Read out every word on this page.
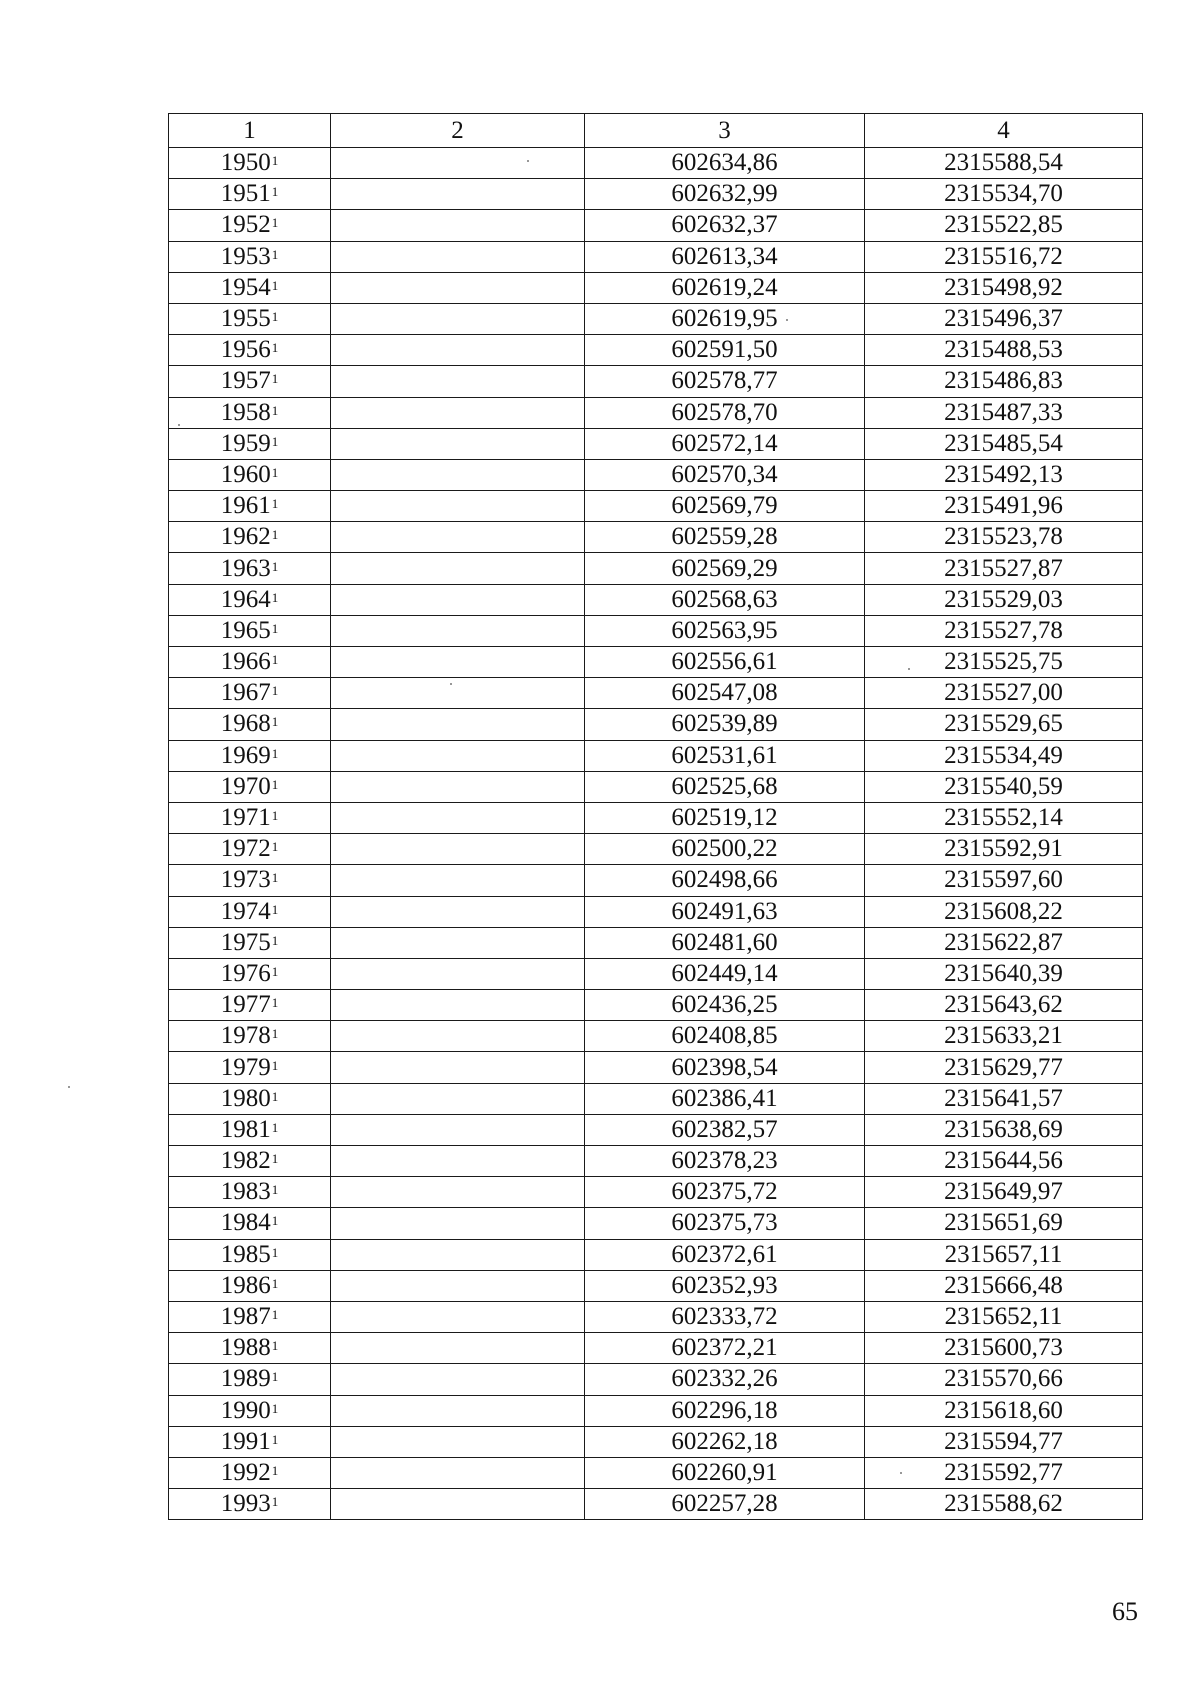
1	2	3	4
1950$^1$		602634,86	2315588,54
1951$^1$		602632,99	2315534,70
1952$^1$		602632,37	2315522,85
1953$^1$		602613,34	2315516,72
1954$^1$		602619,24	2315498,92
1955$^1$		602619,95	2315496,37
1956$^1$		602591,50	2315488,53
1957$^1$		602578,77	2315486,83
1958$^1$		602578,70	2315487,33
1959$^1$		602572,14	2315485,54
1960$^1$		602570,34	2315492,13
1961$^1$		602569,79	2315491,96
1962$^1$		602559,28	2315523,78
1963$^1$		602569,29	2315527,87
1964$^1$		602568,63	2315529,03
1965$^1$		602563,95	2315527,78
1966$^1$		602556,61	2315525,75
1967$^1$		602547,08	2315527,00
1968$^1$		602539,89	2315529,65
1969$^1$		602531,61	2315534,49
1970$^1$		602525,68	2315540,59
1971$^1$		602519,12	2315552,14
1972$^1$		602500,22	2315592,91
1973$^1$		602498,66	2315597,60
1974$^1$		602491,63	2315608,22
1975$^1$		602481,60	2315622,87
1976$^1$		602449,14	2315640,39
1977$^1$		602436,25	2315643,62
1978$^1$		602408,85	2315633,21
1979$^1$		602398,54	2315629,77
1980$^1$		602386,41	2315641,57
1981$^1$		602382,57	2315638,69
1982$^1$		602378,23	2315644,56
1983$^1$		602375,72	2315649,97
1984$^1$		602375,73	2315651,69
1985$^1$		602372,61	2315657,11
1986$^1$		602352,93	2315666,48
1987$^1$		602333,72	2315652,11
1988$^1$		602372,21	2315600,73
1989$^1$		602332,26	2315570,66
1990$^1$		602296,18	2315618,60
1991$^1$		602262,18	2315594,77
1992$^1$		602260,91	2315592,77
1993$^1$		602257,28	2315588,62
65
